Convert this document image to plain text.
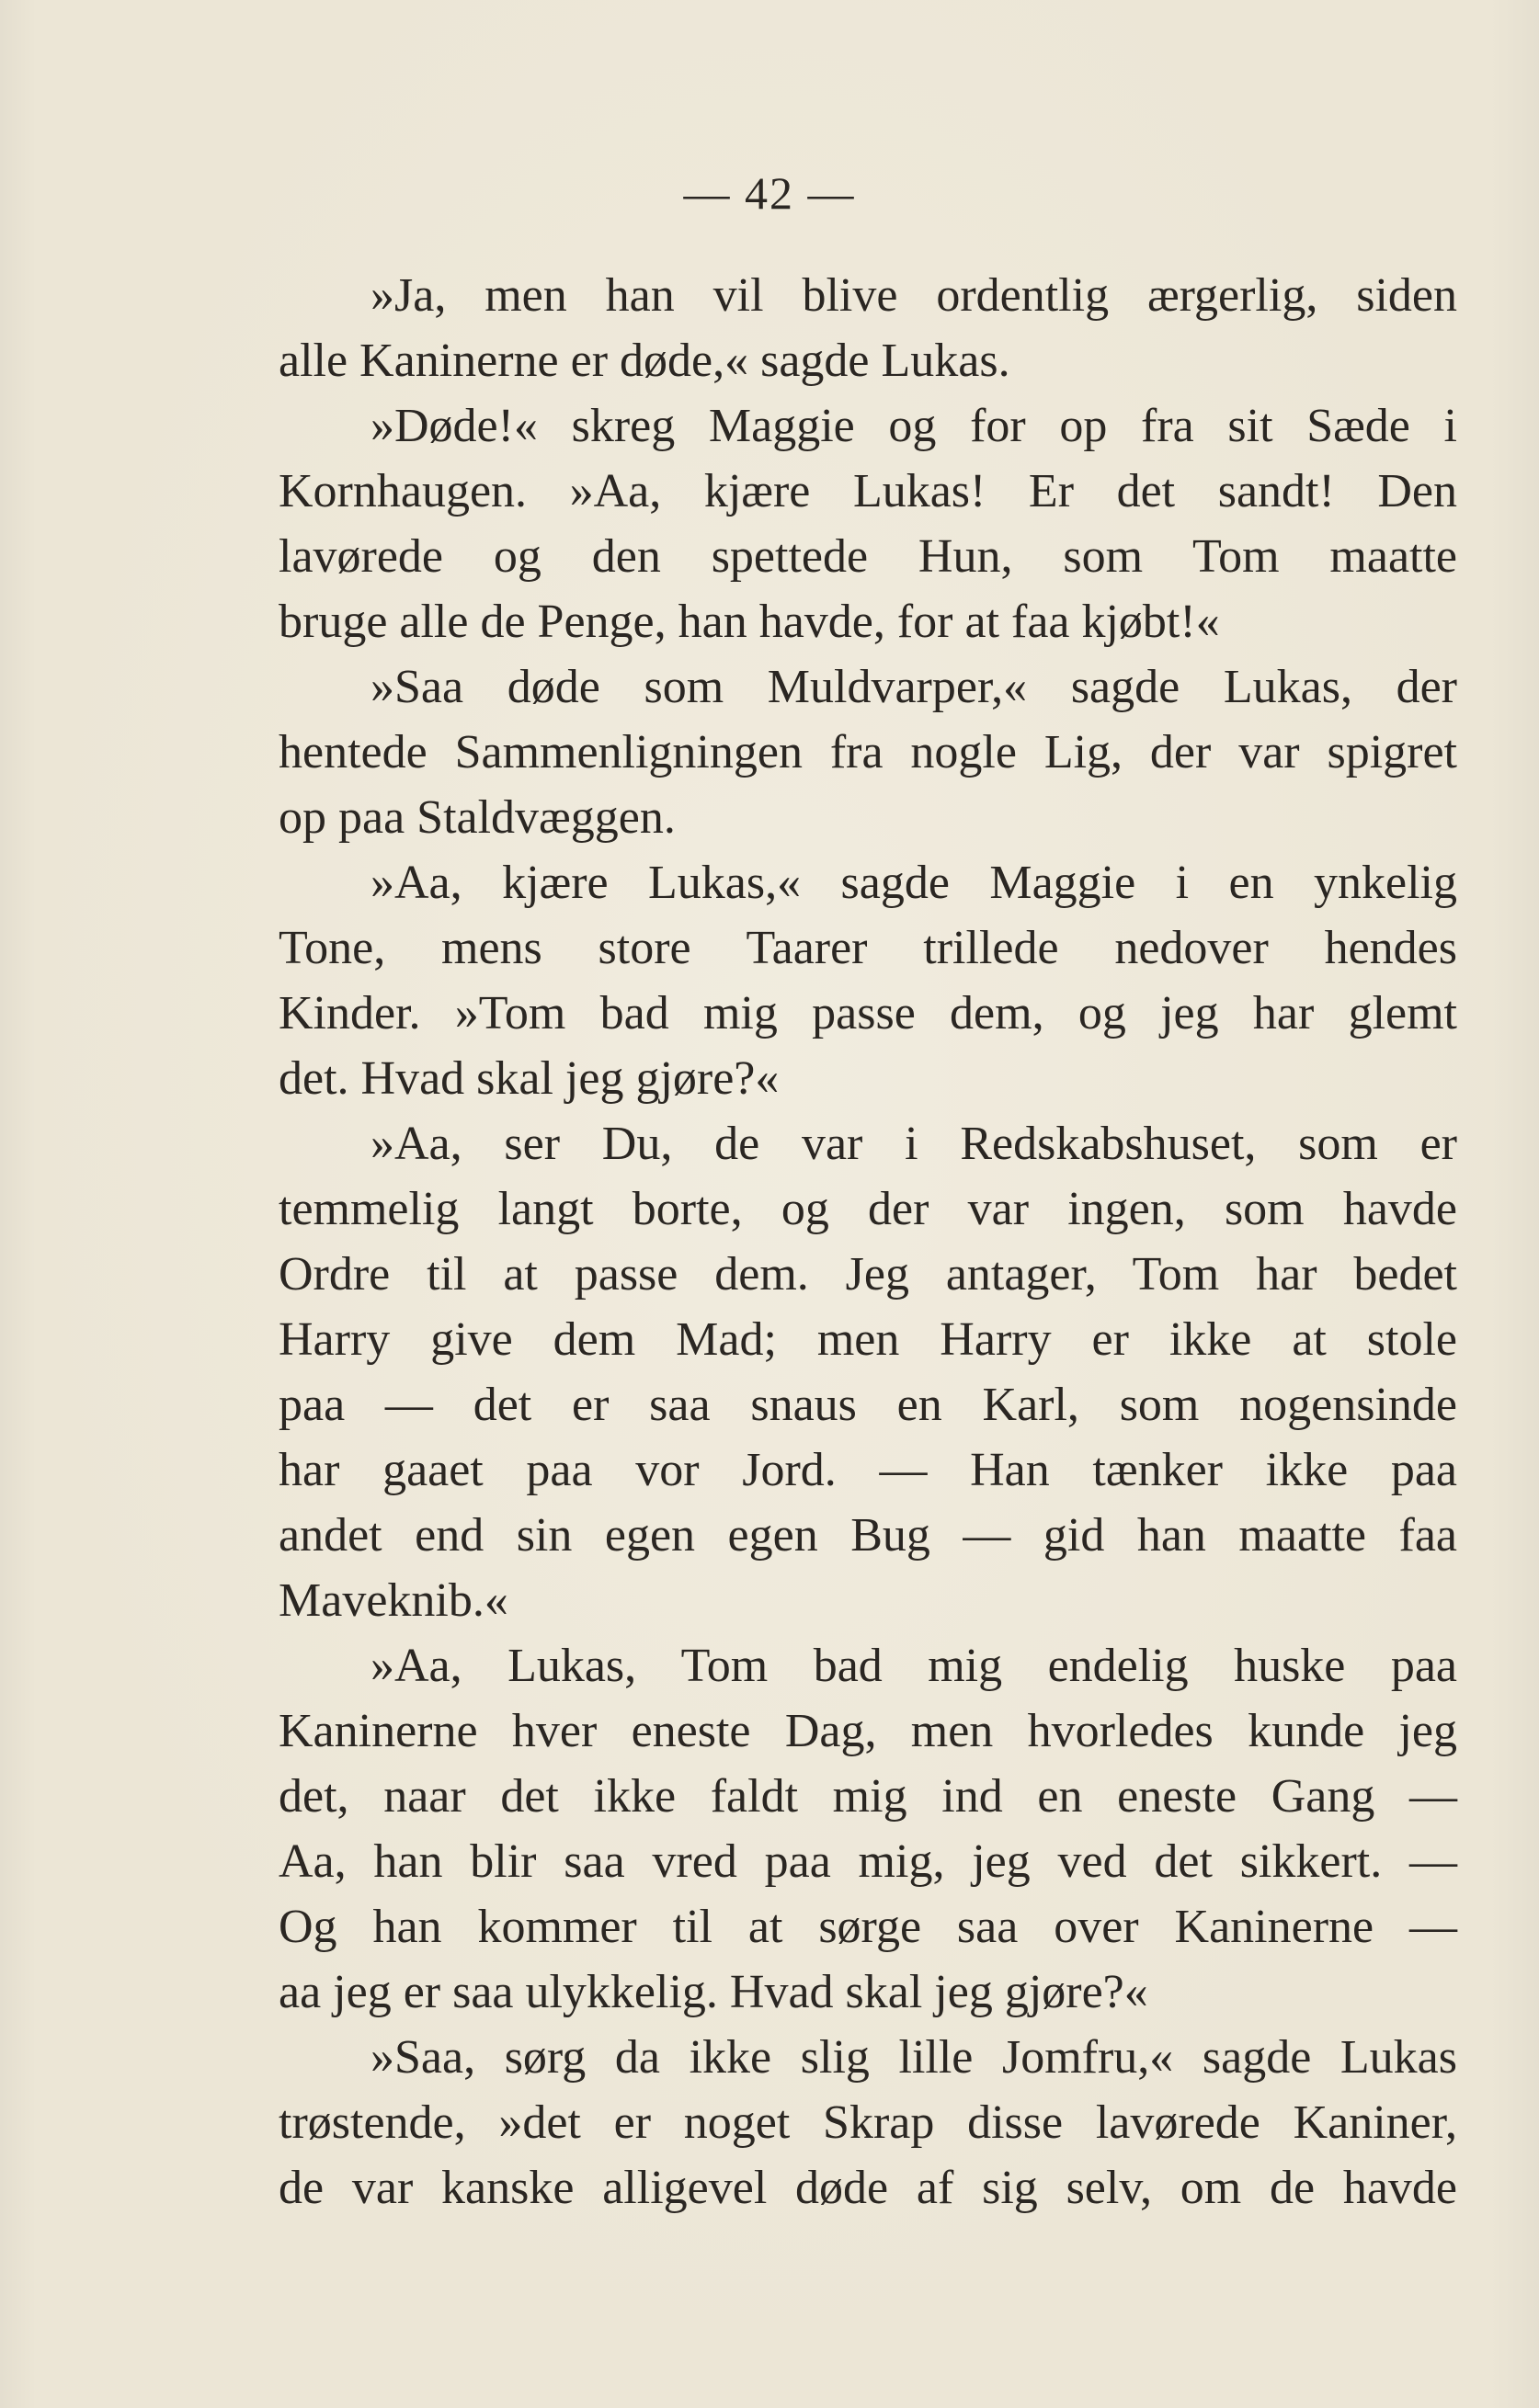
— 42 —
»Ja, men han vil blive ordentlig ærgerlig, siden
alle Kaninerne er døde,« sagde Lukas.
»Døde!« skreg Maggie og for op fra sit Sæde i
Kornhaugen. »Aa, kjære Lukas! Er det sandt! Den
lavørede og den spettede Hun, som Tom maatte
bruge alle de Penge, han havde, for at faa kjøbt!«
»Saa døde som Muldvarper,« sagde Lukas, der
hentede Sammenligningen fra nogle Lig, der var spigret
op paa Staldvæggen.
»Aa, kjære Lukas,« sagde Maggie i en ynkelig
Tone, mens store Taarer trillede nedover hendes
Kinder. »Tom bad mig passe dem, og jeg har glemt
det. Hvad skal jeg gjøre?«
»Aa, ser Du, de var i Redskabshuset, som er
temmelig langt borte, og der var ingen, som havde
Ordre til at passe dem. Jeg antager, Tom har bedet
Harry give dem Mad; men Harry er ikke at stole
paa — det er saa snaus en Karl, som nogensinde
har gaaet paa vor Jord. — Han tænker ikke paa
andet end sin egen egen Bug — gid han maatte faa
Maveknib.«
»Aa, Lukas, Tom bad mig endelig huske paa
Kaninerne hver eneste Dag, men hvorledes kunde jeg
det, naar det ikke faldt mig ind en eneste Gang —
Aa, han blir saa vred paa mig, jeg ved det sikkert. —
Og han kommer til at sørge saa over Kaninerne —
aa jeg er saa ulykkelig. Hvad skal jeg gjøre?«
»Saa, sørg da ikke slig lille Jomfru,« sagde Lukas
trøstende, »det er noget Skrap disse lavørede Kaniner,
de var kanske alligevel døde af sig selv, om de havde
